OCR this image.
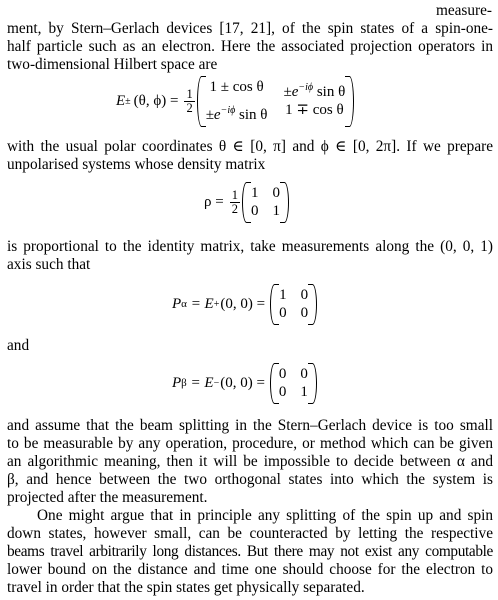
measure-
ment, by Stern–Gerlach devices [17, 21], of the spin states of a spin-one-
half particle such as an electron. Here the associated projection operators in
two-dimensional Hilbert space are
E ± (θ, $\phi) = \frac{1}{2}$
$1 \pm \cos \theta \pm e^{-i\phi}$ sin θ
$\pm e^{-i\phi}$ sin θ 1 ∓ cos θ
with the usual polar coordinates θ ∈ [0, π] and ϕ ∈ [0, 2π]. If we prepare
unpolarised systems whose density matrix
$\rho = \frac{1}{2} 1$ 0
0 1
is proportional to the identity matrix, take measurements along the (0, 0, 1)
axis such that
P α = E + (0, 0) =
1 0
0 0
and
P β = E − (0, 0) =
0 0
0 1
and assume that the beam splitting in the Stern–Gerlach device is too small
to be measurable by any operation, procedure, or method which can be given
an algorithmic meaning, then it will be impossible to decide between α and
β, and hence between the two orthogonal states into which the system is
projected after the measurement.
One might argue that in principle any splitting of the spin up and spin
down states, however small, can be counteracted by letting the respective
beams travel arbitrarily long distances. But there may not exist any computable
lower bound on the distance and time one should choose for the electron to
travel in order that the spin states get physically separated.
